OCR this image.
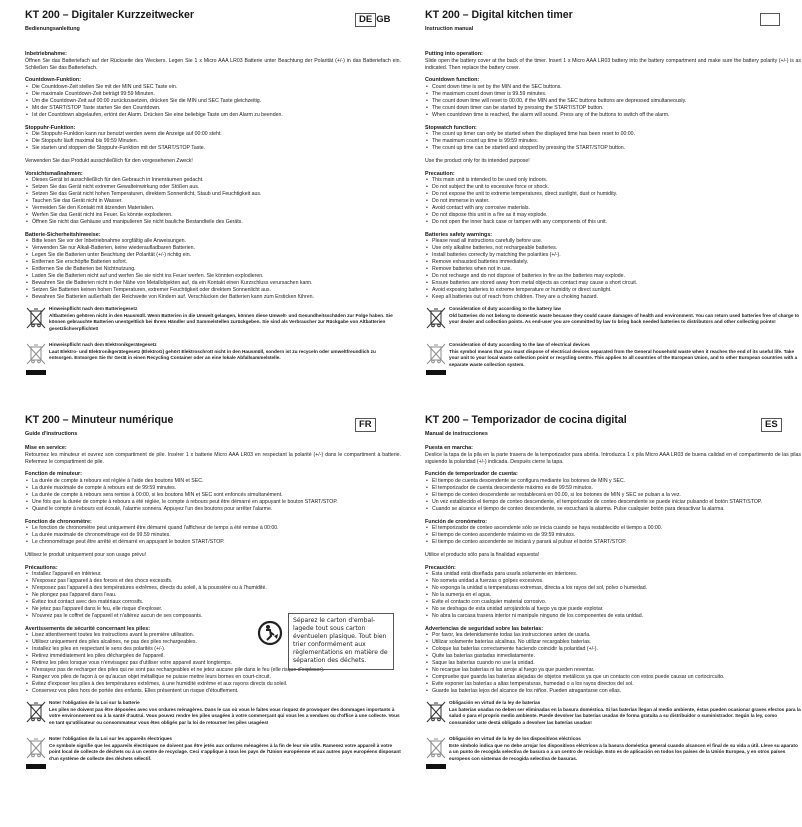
KT 200 – Digitaler Kurzzeitwecker	DE GB
Bedienungsanleitung
Inbetriebnahme:
Öffnen Sie das Batteriefach auf der Rückseite des Weckers. Legen Sie 1 x Micro AAA LR03 Batterie unter Beachtung der Polarität (+/-) in das Batteriefach ein. Schließen Sie das Batteriefach.
Countdown-Funktion:
• Die Countdown-Zeit stellen Sie mit der MIN und SEC Taste ein.
• Die maximale Countdown-Zeit beträgt 99:59 Minuten.
• Um die Countdown-Zeit auf 00:00 zurückzusetzen, drücken Sie die MIN und SEC Taste gleichzeitig.
• Mit der START/STOP Taste starten Sie den Countdown.
• Ist der Countdown abgelaufen, ertönt der Alarm. Drücken Sie eine beliebige Taste um den Alarm zu beenden.
Stoppuhr-Funktion:
• Die Stoppuhr-Funktion kann nur benutzt werden wenn die Anzeige auf 00:00 steht.
• Die Stoppuhr läuft maximal bis 99:59 Minuten.
• Sie starten und stoppen die Stoppuhr-Funktion mit der START/STOP Taste.
Verwenden Sie das Produkt ausschließlich für den vorgesehenen Zweck!
Vorsichtsmaßnahmen:
• Dieses Gerät ist ausschließlich für den Gebrauch in Innenräumen gedacht.
• Setzen Sie das Gerät nicht extremer Gewalteinwirkung oder Stößen aus.
• Setzen Sie das Gerät nicht hohen Temperaturen, direktem Sonnenlicht, Staub und Feuchtigkeit aus.
• Tauchen Sie das Gerät nicht in Wasser.
• Vermeiden Sie den Kontakt mit ätzenden Materialien.
• Werfen Sie das Gerät nicht ins Feuer. Es könnte explodieren.
• Öffnen Sie nicht das Gehäuse und manipulieren Sie nicht bauliche Bestandteile des Geräts.
Batterie-Sicherheitshinweise:
• Bitte lesen Sie vor der Inbetriebnahme sorgfältig alle Anweisungen.
• Verwenden Sie nur Alkali-Batterien, keine wiederaufladbaren Batterien.
• Legen Sie die Batterien unter Beachtung der Polarität (+/-) richtig ein.
• Entfernen Sie erschöpfte Batterien sofort.
• Entfernen Sie die Batterien bei Nichtnutzung.
• Laden Sie die Batterien nicht auf und werfen Sie sie nicht ins Feuer werfen. Sie könnten explodieren.
• Bewahren Sie die Batterien nicht in der Nähe von Metallobjekten auf, da ein Kontakt einen Kurzschluss verursachen kann.
• Setzen Sie Batterien keinen hohen Temperaturen, extremer Feuchtigkeit oder direktem Sonnenlicht aus.
• Bewahren Sie Batterien außerhalb der Reichweite von Kindern auf. Verschlucken der Batterien kann zum Ersticken führen.
Hinweispflicht nach dem Batteriegesetz
Altbatterien gehören nicht in den Hausmüll. Wenn Batterien in die Umwelt gelangen, können diese Umwelt- und Gesundheitsschäden zur Folge haben. Sie können gebrauchte Batterien unentgeltlich bei Ihrem Händler und Sammelstellen zurückgeben. Sie sind als Verbraucher zur Rückgabe von Altbatterien gesetzlichverpflichtet!
Hinweispflicht nach dem Elektronikgerätegesetz
Laut Elektro- und Elektronikgerätegesetz (ElektroG) gehört Elektroschrott nicht in den Hausmüll, sondern ist zu recyceln oder umweltfreundlich zu entsorgen. Entsorgen Sie Ihr Gerät in einen Recycling Container oder an eine lokale Abfallsammelstelle.
KT 200 – Digital kitchen timer
Instruction manual
Putting into operation:
Slide open the battery cover at the back of the timer. Insert 1 x Micro AAA LR03 battery into the battery compartment and make sure the battery polarity (+/-) is as indicated. Then replace the battery cover.
Countdown function:
• Count down time is set by the MIN and the SEC buttons.
• The maximum count down timer is 99.59 minutes.
• The count down time will reset to 00.00, if the MIN and the SEC buttons buttons are depressed simultaneously.
• The count down timer can be started by pressing the START/STOP button.
• When countdown time is reached, the alarm will sound. Press any of the buttons to switch off the alarm.
Stopwatch function:
• The count up timer can only be started when the displayed time has been reset to 00:00.
• The maximum count up time is 99:59 minutes.
• The count up time can be started and stopped by pressing the START/STOP button.
Use the product only for its intended purpose!
Precaution:
• This main unit is intended to be used only indoors.
• Do not subject the unit to excessive force or shock.
• Do not expose the unit to extreme temperatures, direct sunlight, dust or humidity.
• Do not immerse in water.
• Avoid contact with any corrosive materials.
• Do not dispose this unit in a fire as it may explode.
• Do not open the inner back case or tamper with any components of this unit.
Batteries safety warnings:
• Please read all instructions carefully before use.
• Use only alkaline batteries, not rechargeable batteries.
• Install batteries correctly by matching the polarities (+/-).
• Remove exhausted batteries immediately.
• Remove batteries when not in use.
• Do not recharge and do not dispose of batteries in fire as the batteries may explode.
• Ensure batteries are stored away from metal objects as contact may cause a short circuit.
• Avoid exposing batteries to extreme temperature or humidity or direct sunlight.
• Keep all batteries out of reach from children. They are a choking hazard.
Consideration of duty according to the battery law
Old batteries do not belong to domestic waste because they could cause damages of health and environment. You can return used batteries free of charge to your dealer and collection points. As end-user you are committed by law to bring back needed batteries to distributors and other collecting points!
Consideration of duty according to the law of electrical devices
This symbol means that you must dispose of electrical devices separated from the General household waste when it reaches the end of its useful life. Take your unit to your local waste collection point or recycling centre. This applies to all countries of the European Union, and to other European countries with a separate waste collection system.
KT 200 – Minuteur numérique	FR
Guide d'instructions
Mise en service:
Retournez les minuteur et ouvrez son compartiment de pile. Insérer 1 x batterie Micro AAA LR03 en respectant la polarité (+/-) dans le compartiment à batterie. Refermez le compartiment de pile.
Fonction de minuteur:
• La durée de compte à rebours est réglée à l'aide des boutons MIN et SEC.
• La durée maximale de compte à rebours est de 99:59 minutes.
• La durée de compte à rebours sera remise à 00:00, si les boutons MIN et SEC sont enfoncés simultanément.
• Une fois que la durée de compte à rebours a été réglée, le compte à rebours peut être démarré en appuyant le bouton START/STOP.
• Quand le compte à rebours est écoulé, l'alarme sonnera. Appuyez l'un des boutons pour arrêter l'alarme.
Fonction de chronomètre:
• Le fonction de chronomètre peut uniquement être démarré quand l'afficheur de temps a été remise à 00:00.
• La durée maximale de chronométrage est de 99.59 minutes.
• Le chronométrage peut être arrêté et démarré en appuyant le bouton START/STOP.
Utilisez le produit uniquement pour son usage prévu!
Précautions:
• Installez l'appareil en intérieur.
• N'exposez pas l'appareil à des forces et des chocs excessifs.
• N'exposez pas l'appareil à des températures extrêmes, directs du soleil, à la poussière ou à l'humidité.
• Ne plongez pas l'appareil dans l'eau.
• Évitez tout contact avec des matériaux corrosifs.
• Ne jetez pas l'appareil dans le feu, elle risque d'exploser.
• N'ouvrez pas le coffret de l'appareil et n'altérez aucun de ses composants.
Avertissements de sécurité concernant les piles:
• Lisez attentivement toutes les instructions avant la première utilisation.
• Utilisez uniquement des piles alcalines, ne pas des piles rechargeables.
• Installez les piles en respectant le sens des polarités (+/-).
• Retirez immédiatement les piles déchargées de l'appareil.
• Retirez les piles lorsque vous n'envisagez pas d'utiliser votre appareil avant longtemps.
• N'essayez pas de recharger des piles qui ne sont pas rechargeables et ne jetez aucune pile dans le feu (elle risque d'exploser).
• Rangez vos piles de façon à ce qu'aucun objet métallique ne puisse mettre leurs bornes en court-circuit.
• Évitez d'exposer les piles à des températures extrêmes, à une humidité extrême et aux rayons directs du soleil.
• Conservez vos piles hors de portée des enfants. Elles présentent un risque d'étouffement.
Noter l'obligation de la Loi sur la batterie
Les piles ne doivent pas être déposées avec vos ordures ménagères. Dans le cas où vous le faites vous risquez de provoquer des dommages importants à votre environnement ou à la santé d'autrui. Vous pouvez rendre les piles usagées à votre commerçant qui vous les a vendues ou d'office à une collecte. Vous en tant qu'utilisateur ou consommateur vous êtes obligés par la loi de retourner les piles usagées!
Noter l'obligation de la Loi sur les appareils électriques
Ce symbole signifie que les appareils électriques ne doivent pas être jetés aux ordures ménagères à la fin de leur vie utile. Ramenez votre appareil à votre point local de collecte de déchets ou à un centre de recyclage. Ceci s'applique à tous les pays de l'Union européenne et aux autres pays européens disposant d'un système de collecte des déchets sélectif.
Séparez le carton d'embal-lagede tout sous carton éventuelen plasique. Tout bien trier conformément aux règlementations en matière de séparation des déchets.
KT 200 – Temporizador de cocina digital	ES
Manual de instrucciones
Puesta en marcha:
Deslice la tapa de la pila en la parte trasera de la temporizador para abrirla. Introduzca 1 x pila Micro AAA LR03 de buena calidad en el compartimento de las pilas siguiendo la polaridad (+/-) indicada. Después cierre la tapa.
Función de temporizador de cuenta:
• El tiempo de cuenta descendente se configura mediante los botones de MIN y SEC.
• El temporizador de cuenta descendente máximo es de 99:59 minutos.
• El tiempo de conteo descendente se restablecerá en 00.00, si los botones de MIN y SEC se pulsan a la vez.
• Un vez establecido el tiempo de conteo descendente, el temporizador de conteo descendente se puede iniciar pulsando el botón START/STOP.
• Cuando se alcance el tiempo de conteo descendente, se escuchará la alarma. Pulse cualquier botón para desactivar la alarma.
Función de cronómetro:
• El temporizador de conteo ascendente sólo se inicia cuando se haya restablecido el tiempo a 00:00.
• El tiempo de conteo ascendente máximo es de 99:59 minutos.
• El tiempo de conteo ascendente se iniciará y parará al pulsar el botón START/STOP.
Utilice el producto sólo para la finalidad expuesta!
Precaución:
• Esta unidad está diseñada para usarla solamente en interiores.
• No someta unidad a fuerzas o golpes excesivos.
• No exponga la unidad a temperaturas extremas, directa a los rayos del sol, polvo o humedad.
• No la sumerja en el agua.
• Evite el contacto con cualquier material corrosivo.
• No se deshaga de esta unidad arrojándola al fuego ya que puede explotar.
• No abra la carcasa trasera interior ni manipule ninguno de los componentes de esta unidad.
Advertencias de seguridad sobre las baterias:
• Por favor, lea detenidamente todas las instrucciones antes de usarla.
• Utilizar solamente baterías alcalinas. No utilizar recargables baterías.
• Coloque las baterías correctamente haciendo coincidir la polaridad (+/-).
• Quite las baterías gastadas inmediatamente.
• Saque las baterías cuando no use la unidad.
• No recargue las baterías ni las arroje al fuego ya que pueden reventar.
• Compruebe que guarda las baterías alejadas de objetos metálicos ya que un contacto con estos puede causar un cortocircuito.
• Evite exponer las baterías a altas temperaturas, humedad o a los rayos directos del sol.
• Guarde las baterías lejos del alcance de los niños. Pueden atragantarse con ellas.
Obligación en virtud de la ley de baterías
Las baterías usadas no deben ser eliminadas en la basura doméstica. Si las baterías llegan al medio ambiente, éstas pueden ocasionar graves efectos para la salud o para el proprio medio ambiente. Puede devolver las baterías usadas de forma gratuita a su distribuidor o suministrador. Según la ley, como consumidor uste destá obligado a devolver las baterías usadas!
Obligación en virtud de la ley de los dispositivos eléctricos
Este símbolo indica que no debe arrojar los dispositivos eléctricos a la basura doméstica general cuando alcancen el final de su vida a útil. Lleve su aparato a un punto de recogida selectiva de basura o a un centro de reciclaje. Esto es de aplicación en todos los países de la Unión Europea, y en otros países europeos con sistemas de recogida selectiva de basuras.
